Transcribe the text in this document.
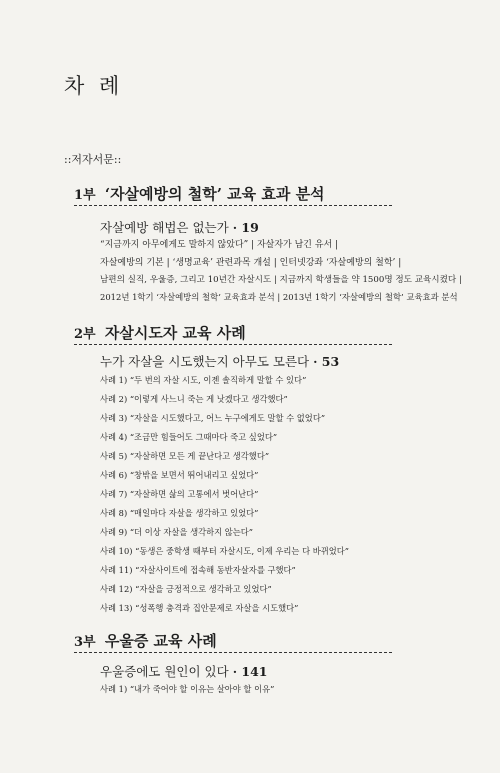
차 례
::저자서문::
1부 ‘자살예방의 철학’ 교육 효과 분석
자살예방 해법은 없는가 · 19
“지금까지 아무에게도 말하지 않았다” | 자살자가 남긴 유서 |
자살예방의 기본 | ‘생명교육’ 관련과목 개설 | 인터넷강좌 ‘자살예방의 철학’ |
남편의 실직, 우울증, 그리고 10년간 자살시도 | 지금까지 학생들을 약 1500명 정도 교육시켰다 |
2012년 1학기 ‘자살예방의 철학’ 교육효과 분석 | 2013년 1학기 ‘자살예방의 철학’ 교육효과 분석
2부 자살시도자 교육 사례
누가 자살을 시도했는지 아무도 모른다 · 53
사례 1) “두 번의 자살 시도, 이젠 솔직하게 말할 수 있다”
사례 2) “이렇게 사느니 죽는 게 낫겠다고 생각했다”
사례 3) “자살을 시도했다고, 어느 누구에게도 말할 수 없었다”
사례 4) “조금만 힘들어도 그때마다 죽고 싶었다”
사례 5) “자살하면 모든 게 끝난다고 생각했다”
사례 6) “창밖을 보면서 뛰어내리고 싶었다”
사례 7) “자살하면 삶의 고통에서 벗어난다”
사례 8) “매일마다 자살을 생각하고 있었다”
사례 9) “더 이상 자살을 생각하지 않는다”
사례 10) “동생은 중학생 때부터 자살시도, 이제 우리는 다 바뀌었다”
사례 11) “자살사이트에 접속해 동반자살자를 구했다”
사례 12) “자살을 긍정적으로 생각하고 있었다”
사례 13) “성폭행 충격과 집안문제로 자살을 시도했다”
3부 우울증 교육 사례
우울증에도 원인이 있다 · 141
사례 1) “내가 죽어야 할 이유는 살아야 할 이유”
